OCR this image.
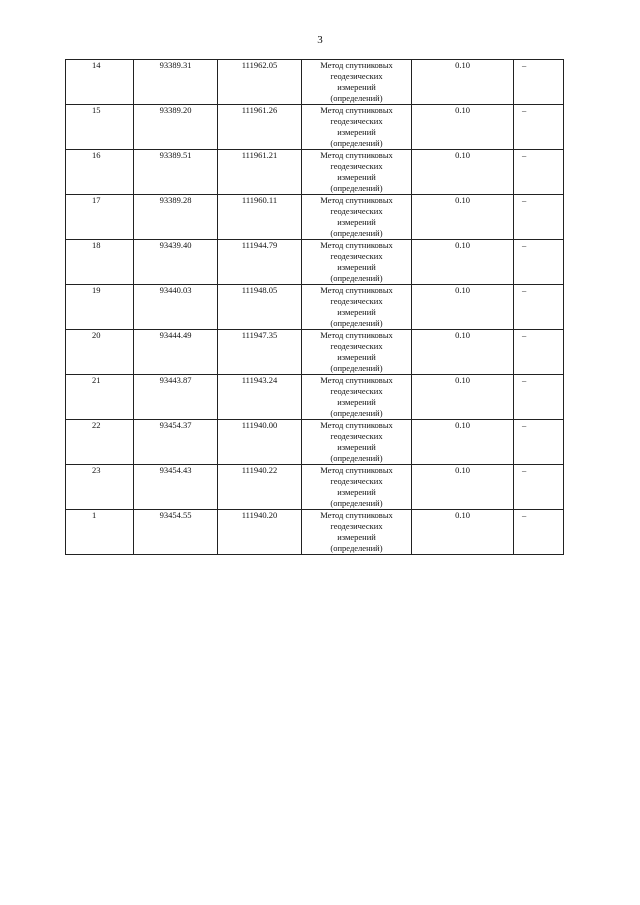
3
14	93389.31	111962.05	Метод спутниковых
геодезических
измерений
(определений)	0.10	–
15	93389.20	111961.26	Метод спутниковых
геодезических
измерений
(определений)	0.10	–
16	93389.51	111961.21	Метод спутниковых
геодезических
измерений
(определений)	0.10	–
17	93389.28	111960.11	Метод спутниковых
геодезических
измерений
(определений)	0.10	–
18	93439.40	111944.79	Метод спутниковых
геодезических
измерений
(определений)	0.10	–
19	93440.03	111948.05	Метод спутниковых
геодезических
измерений
(определений)	0.10	–
20	93444.49	111947.35	Метод спутниковых
геодезических
измерений
(определений)	0.10	–
21	93443.87	111943.24	Метод спутниковых
геодезических
измерений
(определений)	0.10	–
22	93454.37	111940.00	Метод спутниковых
геодезических
измерений
(определений)	0.10	–
23	93454.43	111940.22	Метод спутниковых
геодезических
измерений
(определений)	0.10	–
1	93454.55	111940.20	Метод спутниковых
геодезических
измерений
(определений)	0.10	–
